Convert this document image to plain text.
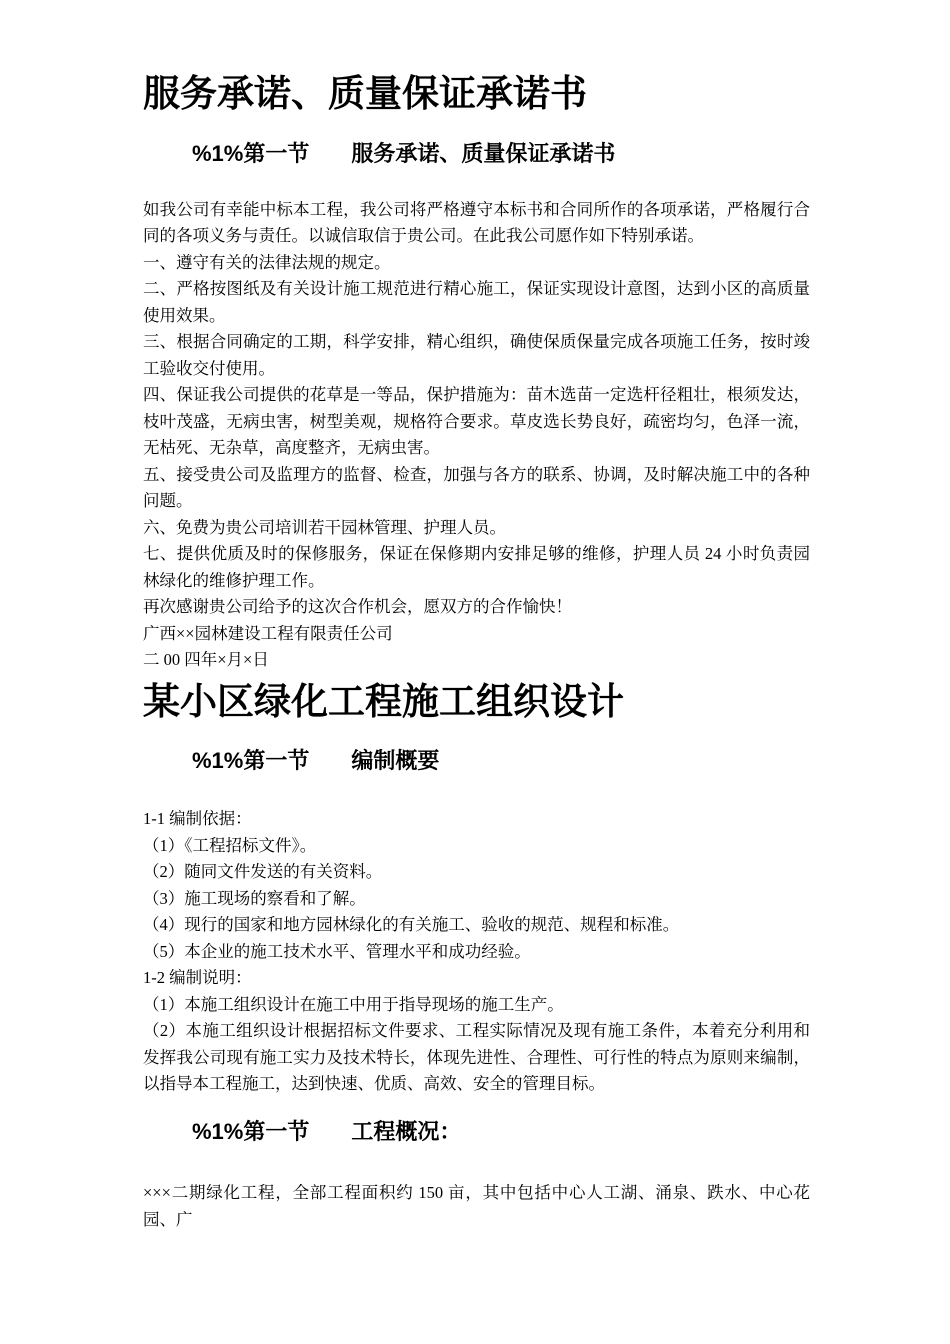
服务承诺、质量保证承诺书
%1%第一节 服务承诺、质量保证承诺书

如我公司有幸能中标本工程，我公司将严格遵守本标书和合同所作的各项承诺，严格履行合同的各项义务与责任。以诚信取信于贵公司。在此我公司愿作如下特别承诺。

一、遵守有关的法律法规的规定。

二、严格按图纸及有关设计施工规范进行精心施工，保证实现设计意图，达到小区的高质量使用效果。

三、根据合同确定的工期，科学安排，精心组织，确使保质保量完成各项施工任务，按时竣工验收交付使用。

四、保证我公司提供的花草是一等品，保护措施为：苗木选苗一定选杆径粗壮，根须发达，枝叶茂盛，无病虫害，树型美观，规格符合要求。草皮选长势良好，疏密均匀，色泽一流，无枯死、无杂草，高度整齐，无病虫害。

五、接受贵公司及监理方的监督、检查，加强与各方的联系、协调，及时解决施工中的各种问题。

六、免费为贵公司培训若干园林管理、护理人员。

七、提供优质及时的保修服务，保证在保修期内安排足够的维修，护理人员 24 小时负责园林绿化的维修护理工作。

再次感谢贵公司给予的这次合作机会，愿双方的合作愉快！

广西××园林建设工程有限责任公司

二 00 四年×月×日

某小区绿化工程施工组织设计
%1%第一节 编制概要

1-1 编制依据：

（1）《工程招标文件》。

（2）随同文件发送的有关资料。

（3）施工现场的察看和了解。

（4）现行的国家和地方园林绿化的有关施工、验收的规范、规程和标准。

（5）本企业的施工技术水平、管理水平和成功经验。

1-2 编制说明：

（1）本施工组织设计在施工中用于指导现场的施工生产。

（2）本施工组织设计根据招标文件要求、工程实际情况及现有施工条件，本着充分利用和发挥我公司现有施工实力及技术特长，体现先进性、合理性、可行性的特点为原则来编制，以指导本工程施工，达到快速、优质、高效、安全的管理目标。

%1%第一节 工程概况：

×××二期绿化工程，全部工程面积约 150 亩，其中包括中心人工湖、涌泉、跌水、中心花园、广
